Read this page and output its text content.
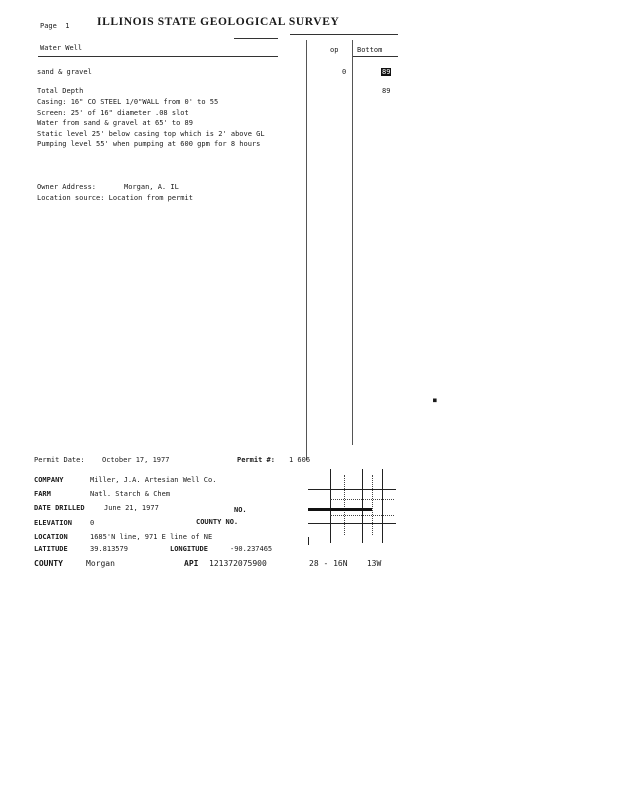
Page 1 ILLINOIS STATE GEOLOGICAL SURVEY
Water Well	op	Bottom
sand & gravel	0	89
Total Depth	89
Casing: 16" CO STEEL 1/0"WALL from 0' to 55
Screen: 25' of 16" diameter .08 slot
Water from sand & gravel at 65' to 89
Static level 25' below casing top which is 2' above GL
Pumping level 55' when pumping at 600 gpm for 8 hours
Owner Address:	Morgan, A. IL
Location source: Location from permit
■
Permit Date: October 17, 1977	Permit #: 1 606
COMPANY	Miller, J.A. Artesian Well Co.
FARM	Natl. Starch & Chem
DATE DRILLED	June 21, 1977	NO.
ELEVATION	0	COUNTY NO.
LOCATION	1685'N line, 971 E line of NE
LATITUDE	39.813579	LONGITUDE	-90.237465
COUNTY	Morgan	API 121372075900	28 - 16N 13W
